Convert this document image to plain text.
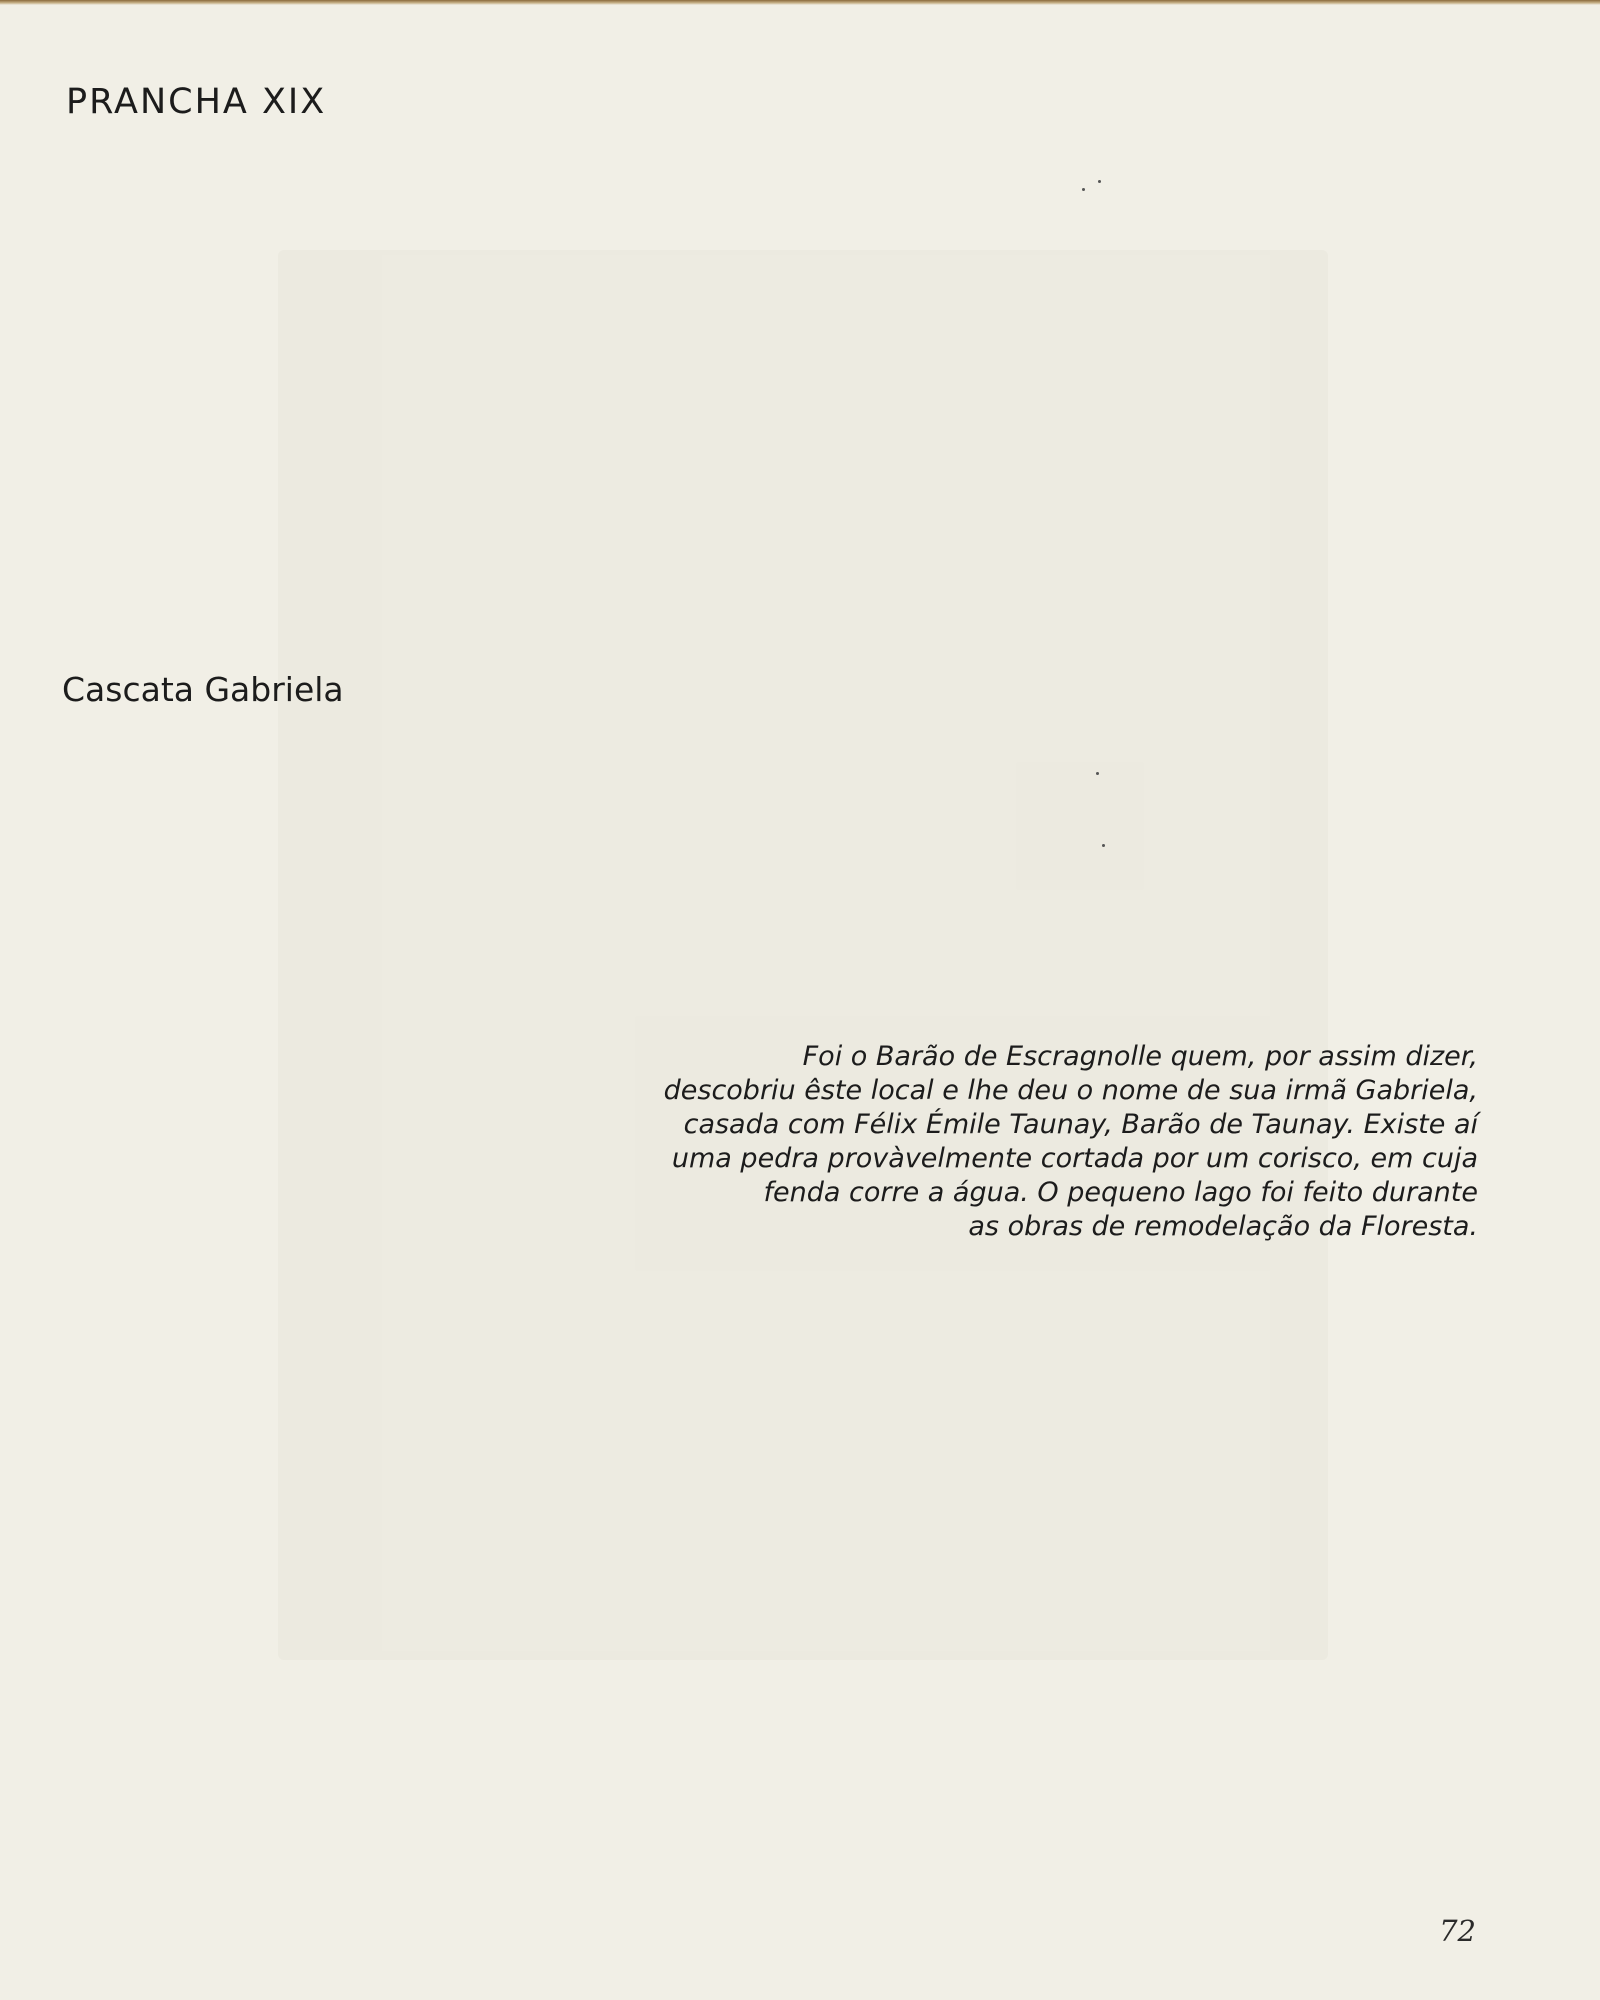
PRANCHA XIX
Cascata Gabriela

Foi o Barão de Escragnolle quem, por assim dizer,
descobriu êste local e lhe deu o nome de sua irmã Gabriela,
casada com Félix Émile Taunay, Barão de Taunay. Existe aí
uma pedra provàvelmente cortada por um corisco, em cuja
fenda corre a água. O pequeno lago foi feito durante
as obras de remodelação da Floresta.

72
